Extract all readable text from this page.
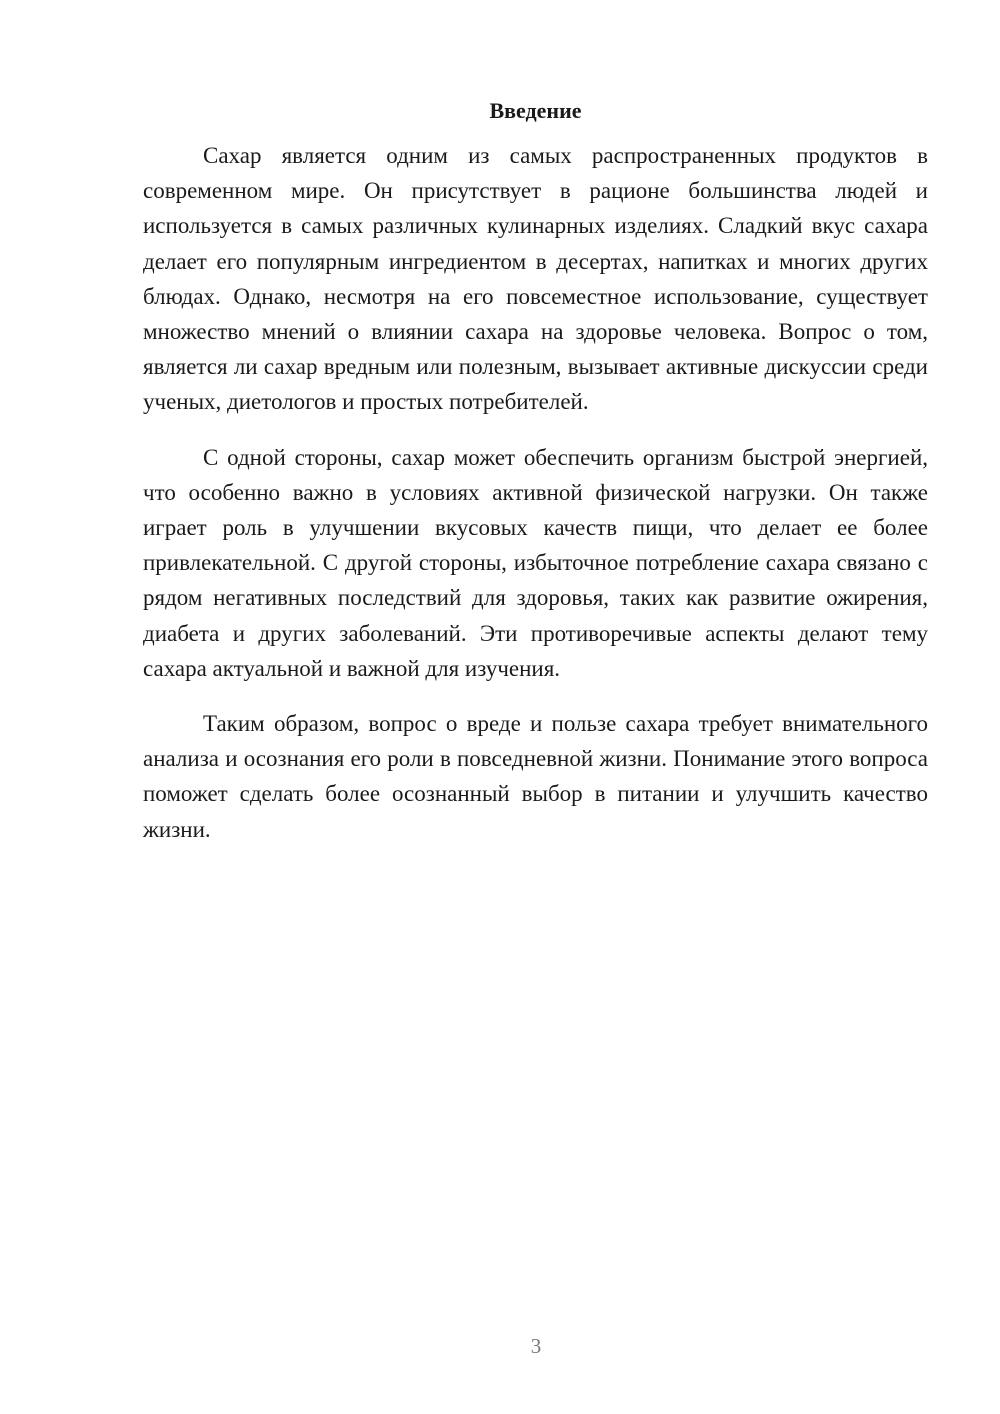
Введение

Сахар является одним из самых распространенных продуктов в современном мире. Он присутствует в рационе большинства людей и используется в самых различных кулинарных изделиях. Сладкий вкус сахара делает его популярным ингредиентом в десертах, напитках и многих других блюдах. Однако, несмотря на его повсеместное использование, существует множество мнений о влиянии сахара на здоровье человека. Вопрос о том, является ли сахар вредным или полезным, вызывает активные дискуссии среди ученых, диетологов и простых потребителей.

С одной стороны, сахар может обеспечить организм быстрой энергией, что особенно важно в условиях активной физической нагрузки. Он также играет роль в улучшении вкусовых качеств пищи, что делает ее более привлекательной. С другой стороны, избыточное потребление сахара связано с рядом негативных последствий для здоровья, таких как развитие ожирения, диабета и других заболеваний. Эти противоречивые аспекты делают тему сахара актуальной и важной для изучения.

Таким образом, вопрос о вреде и пользе сахара требует внимательного анализа и осознания его роли в повседневной жизни. Понимание этого вопроса поможет сделать более осознанный выбор в питании и улучшить качество жизни.

3
